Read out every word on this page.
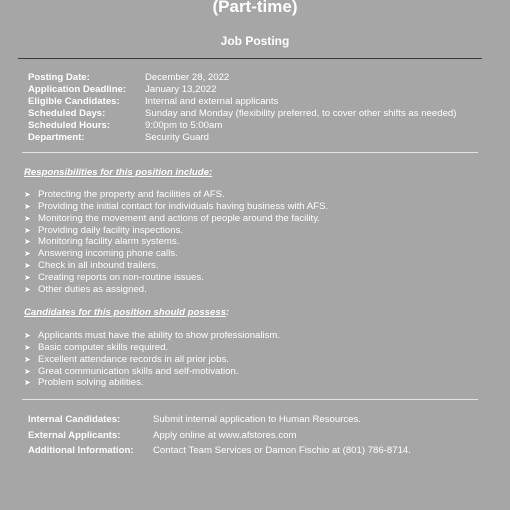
(Part-time)
Job Posting
Posting Date:	December 28, 2022
Application Deadline:	January 13,2022
Eligible Candidates:	Internal and external applicants
Scheduled Days:	Sunday and Monday (flexibility preferred, to cover other shifts as needed)
Scheduled Hours:	9:00pm to 5:00am
Department:	Security Guard
Responsibilities for this position include:
➤ Protecting the property and facilities of AFS.
➤ Providing the initial contact for individuals having business with AFS.
➤ Monitoring the movement and actions of people around the facility.
➤ Providing daily facility inspections.
➤ Monitoring facility alarm systems.
➤ Answering incoming phone calls.
➤ Check in all inbound trailers.
➤ Creating reports on non-routine issues.
➤ Other duties as assigned.
Candidates for this position should possess:
➤ Applicants must have the ability to show professionalism.
➤ Basic computer skills required.
➤ Excellent attendance records in all prior jobs.
➤ Great communication skills and self-motivation.
➤ Problem solving abilities.
Internal Candidates:	Submit internal application to Human Resources.
External Applicants:	Apply online at www.afstores.com
Additional Information:	Contact Team Services or Damon Fischio at (801) 786-8714.
